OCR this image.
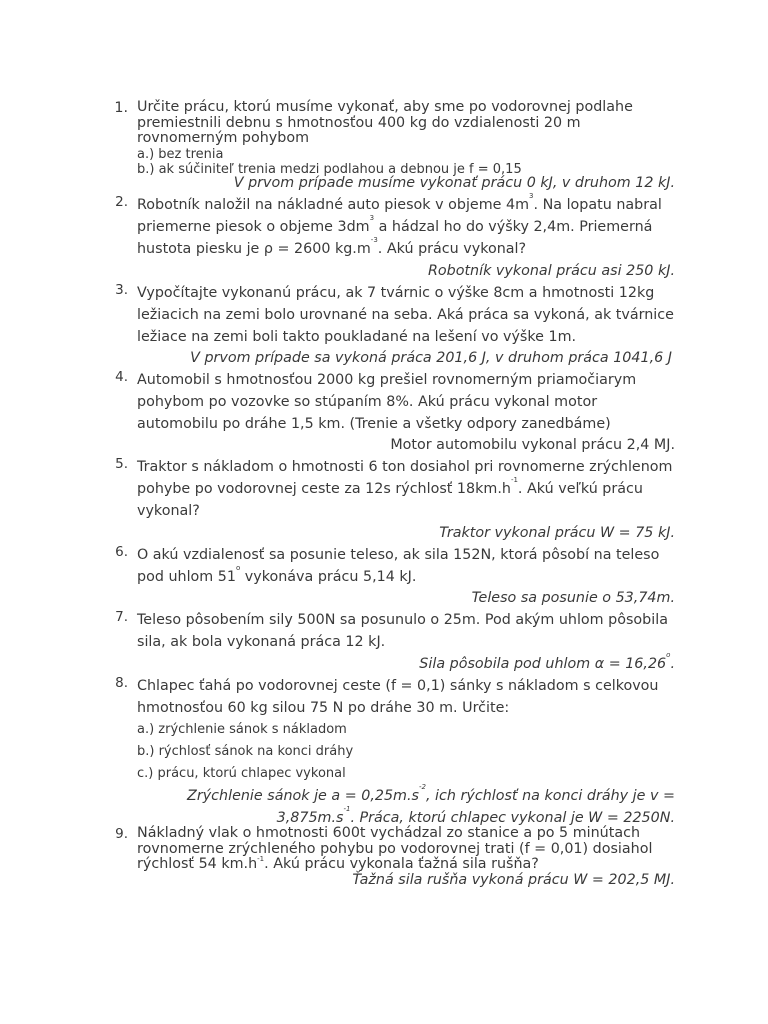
1. Určite prácu, ktorú musíme vykonať, aby sme po vodorovnej podlahe
premiestnili debnu s hmotnosťou 400 kg do vzdialenosti 20 m
rovnomerným pohybom
a.) bez trenia
b.) ak súčiniteľ trenia medzi podlahou a debnou je f = 0,15
V prvom prípade musíme vykonať prácu 0 kJ, v druhom 12 kJ.
2. Robotník naložil na nákladné auto piesok v objeme $4m^3$. Na lopatu nabral
priemerne piesok o objeme $3dm^3$ a hádzal ho do výšky 2,4m. Priemerná
hustota piesku je ρ = 2600 $kg.m^{-3}$. Akú prácu vykonal?
Robotník vykonal prácu asi 250 kJ.
3. Vypočítajte vykonanú prácu, ak 7 tvárnic o výške 8cm a hmotnosti 12kg
ležiacich na zemi bolo urovnané na seba. Aká práca sa vykoná, ak tvárnice
ležiace na zemi boli takto poukladané na lešení vo výške 1m.
V prvom prípade sa vykoná práca 201,6 J, v druhom práca 1041,6 J
4. Automobil s hmotnosťou 2000 kg prešiel rovnomerným priamočiarym
pohybom po vozovke so stúpaním 8%. Akú prácu vykonal motor
automobilu po dráhe 1,5 km. (Trenie a všetky odpory zanedbáme)
Motor automobilu vykonal prácu 2,4 MJ.
5. Traktor s nákladom o hmotnosti 6 ton dosiahol pri rovnomerne zrýchlenom
pohybe po vodorovnej ceste za 12s rýchlosť $18km.h^{-1}$. Akú veľkú prácu
vykonal?
Traktor vykonal prácu W = 75 kJ.
6. O akú vzdialenosť sa posunie teleso, ak sila 152N, ktorá pôsobí na teleso
pod uhlom 51$^o$ vykonáva prácu 5,14 kJ.
Teleso sa posunie o 53,74m.
7. Teleso pôsobením sily 500N sa posunulo o 25m. Pod akým uhlom pôsobila
sila, ak bola vykonaná práca 12 kJ.
Sila pôsobila pod uhlom $\alpha = 16,26^o$.
8. Chlapec ťahá po vodorovnej ceste (f = 0,1) sánky s nákladom s celkovou
hmotnosťou 60 kg silou 75 N po dráhe 30 m. Určite:
a.) zrýchlenie sánok s nákladom
b.) rýchlosť sánok na konci dráhy
c.) prácu, ktorú chlapec vykonal
Zrýchlenie sánok je $a = 0,25m.s^{-2}$, ich rýchlosť na konci dráhy je v =
$3,875m.s^{-1}$. Práca, ktorú chlapec vykonal je W = 2250N.
9. Nákladný vlak o hmotnosti 600t vychádzal zo stanice a po 5 minútach
rovnomerne zrýchleného pohybu po vodorovnej trati (f = 0,01) dosiahol
rýchlosť 54 $km.h^{-1}$. Akú prácu vykonala ťažná sila rušňa?
Ťažná sila rušňa vykoná prácu W = 202,5 MJ.
